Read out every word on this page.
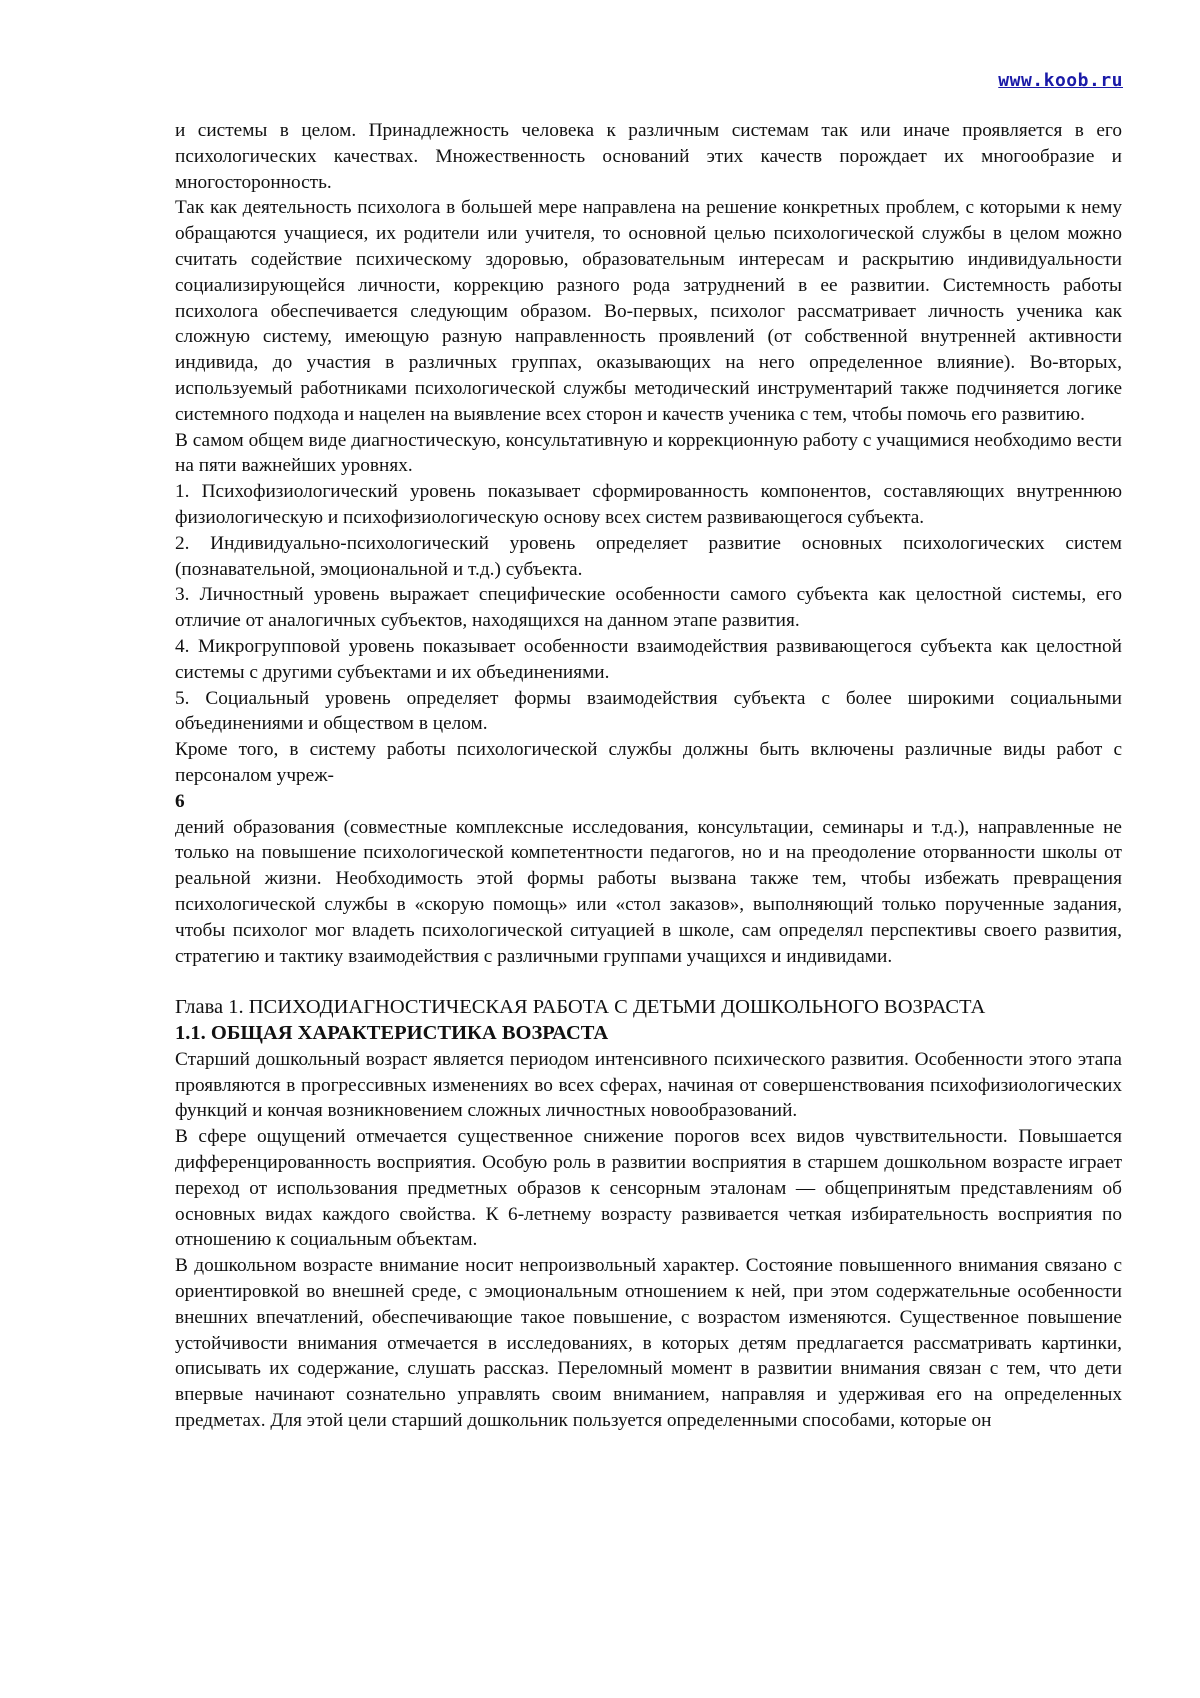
www.koob.ru

и системы в целом. Принадлежность человека к различным системам так или иначе проявляется в его психологических качествах. Множественность оснований этих качеств порождает их многообразие и многосторонность.

Так как деятельность психолога в большей мере направлена на решение конкретных проблем, с которыми к нему обращаются учащиеся, их родители или учителя, то основной целью психологической службы в целом можно считать содействие психическому здоровью, образовательным интересам и раскрытию индивидуальности социализирующейся личности, коррекцию разного рода затруднений в ее развитии. Системность работы психолога обеспечивается следующим образом. Во-первых, психолог рассматривает личность ученика как сложную систему, имеющую разную направленность проявлений (от собственной внутренней активности индивида, до участия в различных группах, оказывающих на него определенное влияние). Во-вторых, используемый работниками психологической службы методический инструментарий также подчиняется логике системного подхода и нацелен на выявление всех сторон и качеств ученика с тем, чтобы помочь его развитию.

В самом общем виде диагностическую, консультативную и коррекционную работу с учащимися необходимо вести на пяти важнейших уровнях.

1. Психофизиологический уровень показывает сформированность компонентов, составляющих внутреннюю физиологическую и психофизиологическую основу всех систем развивающегося субъекта.

2. Индивидуально-психологический уровень определяет развитие основных психологических систем (познавательной, эмоциональной и т.д.) субъекта.

3. Личностный уровень выражает специфические особенности самого субъекта как целостной системы, его отличие от аналогичных субъектов, находящихся на данном этапе развития.

4. Микрогрупповой уровень показывает особенности взаимодействия развивающегося субъекта как целостной системы с другими субъектами и их объединениями.

5. Социальный уровень определяет формы взаимодействия субъекта с более широкими социальными объединениями и обществом в целом.

Кроме того, в систему работы психологической службы должны быть включены различные виды работ с персоналом учреж-

6

дений образования (совместные комплексные исследования, консультации, семинары и т.д.), направленные не только на повышение психологической компетентности педагогов, но и на преодоление оторванности школы от реальной жизни. Необходимость этой формы работы вызвана также тем, чтобы избежать превращения психологической службы в «скорую помощь» или «стол заказов», выполняющий только порученные задания, чтобы психолог мог владеть психологической ситуацией в школе, сам определял перспективы своего развития, стратегию и тактику взаимодействия с различными группами учащихся и индивидами.

Глава 1. ПСИХОДИАГНОСТИЧЕСКАЯ РАБОТА С ДЕТЬМИ ДОШКОЛЬНОГО ВОЗРАСТА

1.1. ОБЩАЯ ХАРАКТЕРИСТИКА ВОЗРАСТА

Старший дошкольный возраст является периодом интенсивного психического развития. Особенности этого этапа проявляются в прогрессивных изменениях во всех сферах, начиная от совершенствования психофизиологических функций и кончая возникновением сложных личностных новообразований.

В сфере ощущений отмечается существенное снижение порогов всех видов чувствительности. Повышается дифференцированность восприятия. Особую роль в развитии восприятия в старшем дошкольном возрасте играет переход от использования предметных образов к сенсорным эталонам — общепринятым представлениям об основных видах каждого свойства. К 6-летнему возрасту развивается четкая избирательность восприятия по отношению к социальным объектам.

В дошкольном возрасте внимание носит непроизвольный характер. Состояние повышенного внимания связано с ориентировкой во внешней среде, с эмоциональным отношением к ней, при этом содержательные особенности внешних впечатлений, обеспечивающие такое повышение, с возрастом изменяются. Существенное повышение устойчивости внимания отмечается в исследованиях, в которых детям предлагается рассматривать картинки, описывать их содержание, слушать рассказ. Переломный момент в развитии внимания связан с тем, что дети впервые начинают сознательно управлять своим вниманием, направляя и удерживая его на определенных предметах. Для этой цели старший дошкольник пользуется определенными способами, которые он
